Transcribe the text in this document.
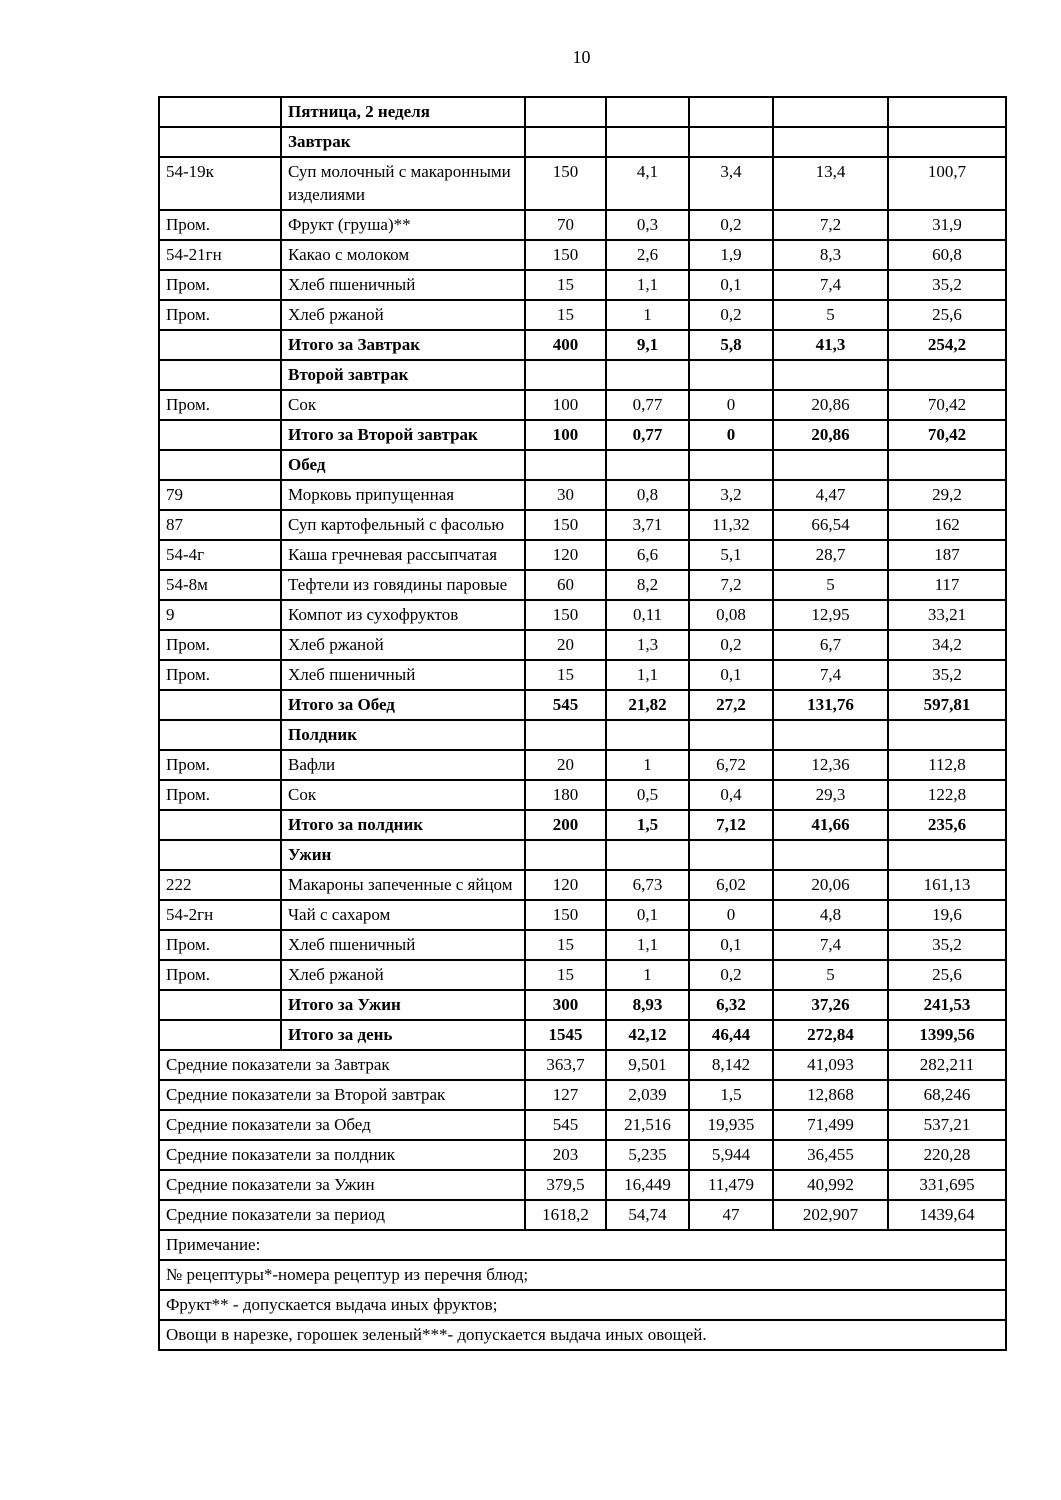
10
	Пятница, 2 неделя					
	Завтрак					
54-19к	Суп молочный с макаронными изделиями	150	4,1	3,4	13,4	100,7
Пром.	Фрукт (груша)**	70	0,3	0,2	7,2	31,9
54-21гн	Какао с молоком	150	2,6	1,9	8,3	60,8
Пром.	Хлеб пшеничный	15	1,1	0,1	7,4	35,2
Пром.	Хлеб ржаной	15	1	0,2	5	25,6
	Итого за Завтрак	400	9,1	5,8	41,3	254,2
	Второй завтрак					
Пром.	Сок	100	0,77	0	20,86	70,42
	Итого за Второй завтрак	100	0,77	0	20,86	70,42
	Обед					
79	Морковь припущенная	30	0,8	3,2	4,47	29,2
87	Суп картофельный с фасолью	150	3,71	11,32	66,54	162
54-4г	Каша гречневая рассыпчатая	120	6,6	5,1	28,7	187
54-8м	Тефтели из говядины паровые	60	8,2	7,2	5	117
9	Компот из сухофруктов	150	0,11	0,08	12,95	33,21
Пром.	Хлеб ржаной	20	1,3	0,2	6,7	34,2
Пром.	Хлеб пшеничный	15	1,1	0,1	7,4	35,2
	Итого за Обед	545	21,82	27,2	131,76	597,81
	Полдник					
Пром.	Вафли	20	1	6,72	12,36	112,8
Пром.	Сок	180	0,5	0,4	29,3	122,8
	Итого за полдник	200	1,5	7,12	41,66	235,6
	Ужин					
222	Макароны запеченные с яйцом	120	6,73	6,02	20,06	161,13
54-2гн	Чай с сахаром	150	0,1	0	4,8	19,6
Пром.	Хлеб пшеничный	15	1,1	0,1	7,4	35,2
Пром.	Хлеб ржаной	15	1	0,2	5	25,6
	Итого за Ужин	300	8,93	6,32	37,26	241,53
	Итого за день	1545	42,12	46,44	272,84	1399,56
Средние показатели за Завтрак		363,7	9,501	8,142	41,093	282,211
Средние показатели за Второй завтрак		127	2,039	1,5	12,868	68,246
Средние показатели за Обед		545	21,516	19,935	71,499	537,21
Средние показатели за полдник		203	5,235	5,944	36,455	220,28
Средние показатели за Ужин		379,5	16,449	11,479	40,992	331,695
Средние показатели за период		1618,2	54,74	47	202,907	1439,64
Примечание:						
№ рецептуры*-номера рецептур из перечня блюд;						
Фрукт** - допускается выдача иных фруктов;						
Овощи в нарезке, горошек зеленый***- допускается выдача иных овощей.						
